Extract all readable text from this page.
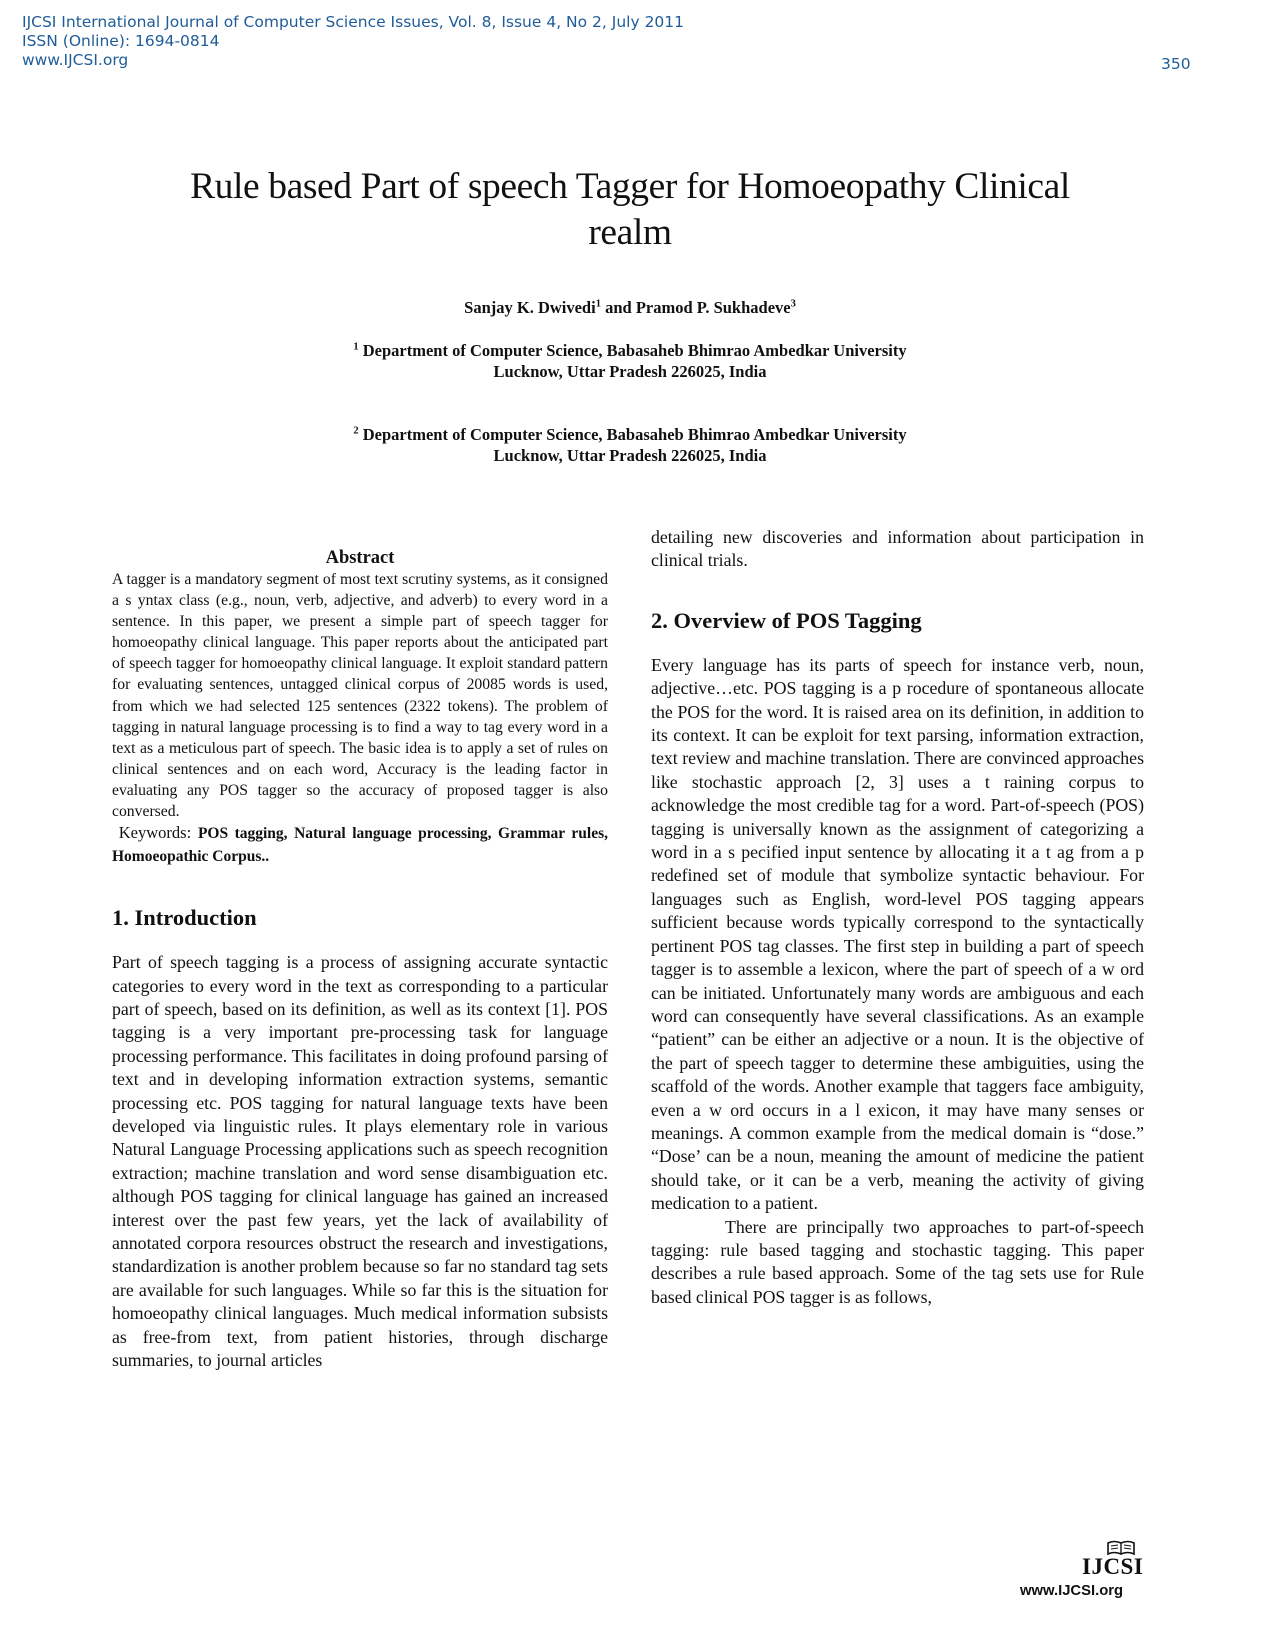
IJCSI International Journal of Computer Science Issues, Vol. 8, Issue 4, No 2, July 2011
ISSN (Online): 1694-0814
www.IJCSI.org	350
Rule based Part of speech Tagger for Homoeopathy Clinical
realm
Sanjay K. Dwivedi$^1$ and Pramod P. Sukhadeve$^3$
$^1$ Department of Computer Science, Babasaheb Bhimrao Ambedkar University
Lucknow, Uttar Pradesh 226025, India
$^2$ Department of Computer Science, Babasaheb Bhimrao Ambedkar University
Lucknow, Uttar Pradesh 226025, India
Abstract

A tagger is a mandatory segment of most text scrutiny systems, as it consigned a s yntax class (e.g., noun, verb, adjective, and adverb) to every word in a sentence. In this paper, we present a simple part of speech tagger for homoeopathy clinical language. This paper reports about the anticipated part of speech tagger for homoeopathy clinical language. It exploit standard pattern for evaluating sentences, untagged clinical corpus of 20085 words is used, from which we had selected 125 sentences (2322 tokens). The problem of tagging in natural language processing is to find a way to tag every word in a text as a meticulous part of speech. The basic idea is to apply a set of rules on clinical sentences and on each word, Accuracy is the leading factor in evaluating any POS tagger so the accuracy of proposed tagger is also conversed.

Keywords: POS tagging, Natural language processing, Grammar rules, Homoeopathic Corpus..

1. Introduction

Part of speech tagging is a process of assigning accurate syntactic categories to every word in the text as corresponding to a particular part of speech, based on its definition, as well as its context [1]. POS tagging is a very important pre-processing task for language processing performance. This facilitates in doing profound parsing of text and in developing information extraction systems, semantic processing etc. POS tagging for natural language texts have been developed via linguistic rules. It plays elementary role in various Natural Language Processing applications such as speech recognition extraction; machine translation and word sense disambiguation etc. although POS tagging for clinical language has gained an increased interest over the past few years, yet the lack of availability of annotated corpora resources obstruct the research and investigations, standardization is another problem because so far no standard tag sets are available for such languages. While so far this is the situation for homoeopathy clinical languages. Much medical information subsists as free-from text, from patient histories, through discharge summaries, to journal articles

detailing new discoveries and information about participation in clinical trials.

2. Overview of POS Tagging

Every language has its parts of speech for instance verb, noun, adjective…etc. POS tagging is a p rocedure of spontaneous allocate the POS for the word. It is raised area on its definition, in addition to its context. It can be exploit for text parsing, information extraction, text review and machine translation. There are convinced approaches like stochastic approach [2, 3] uses a t raining corpus to acknowledge the most credible tag for a word. Part-of-speech (POS) tagging is universally known as the assignment of categorizing a word in a s pecified input sentence by allocating it a t ag from a p redefined set of module that symbolize syntactic behaviour. For languages such as English, word-level POS tagging appears sufficient because words typically correspond to the syntactically pertinent POS tag classes. The first step in building a part of speech tagger is to assemble a lexicon, where the part of speech of a w ord can be initiated. Unfortunately many words are ambiguous and each word can consequently have several classifications. As an example “patient” can be either an adjective or a noun. It is the objective of the part of speech tagger to determine these ambiguities, using the scaffold of the words. Another example that taggers face ambiguity, even a w ord occurs in a l exicon, it may have many senses or meanings. A common example from the medical domain is “dose.” “Dose’ can be a noun, meaning the amount of medicine the patient should take, or it can be a verb, meaning the activity of giving medication to a patient.

There are principally two approaches to part-of-speech tagging: rule based tagging and stochastic tagging. This paper describes a rule based approach. Some of the tag sets use for Rule based clinical POS tagger is as follows,

IJCSI
www.IJCSI.org
